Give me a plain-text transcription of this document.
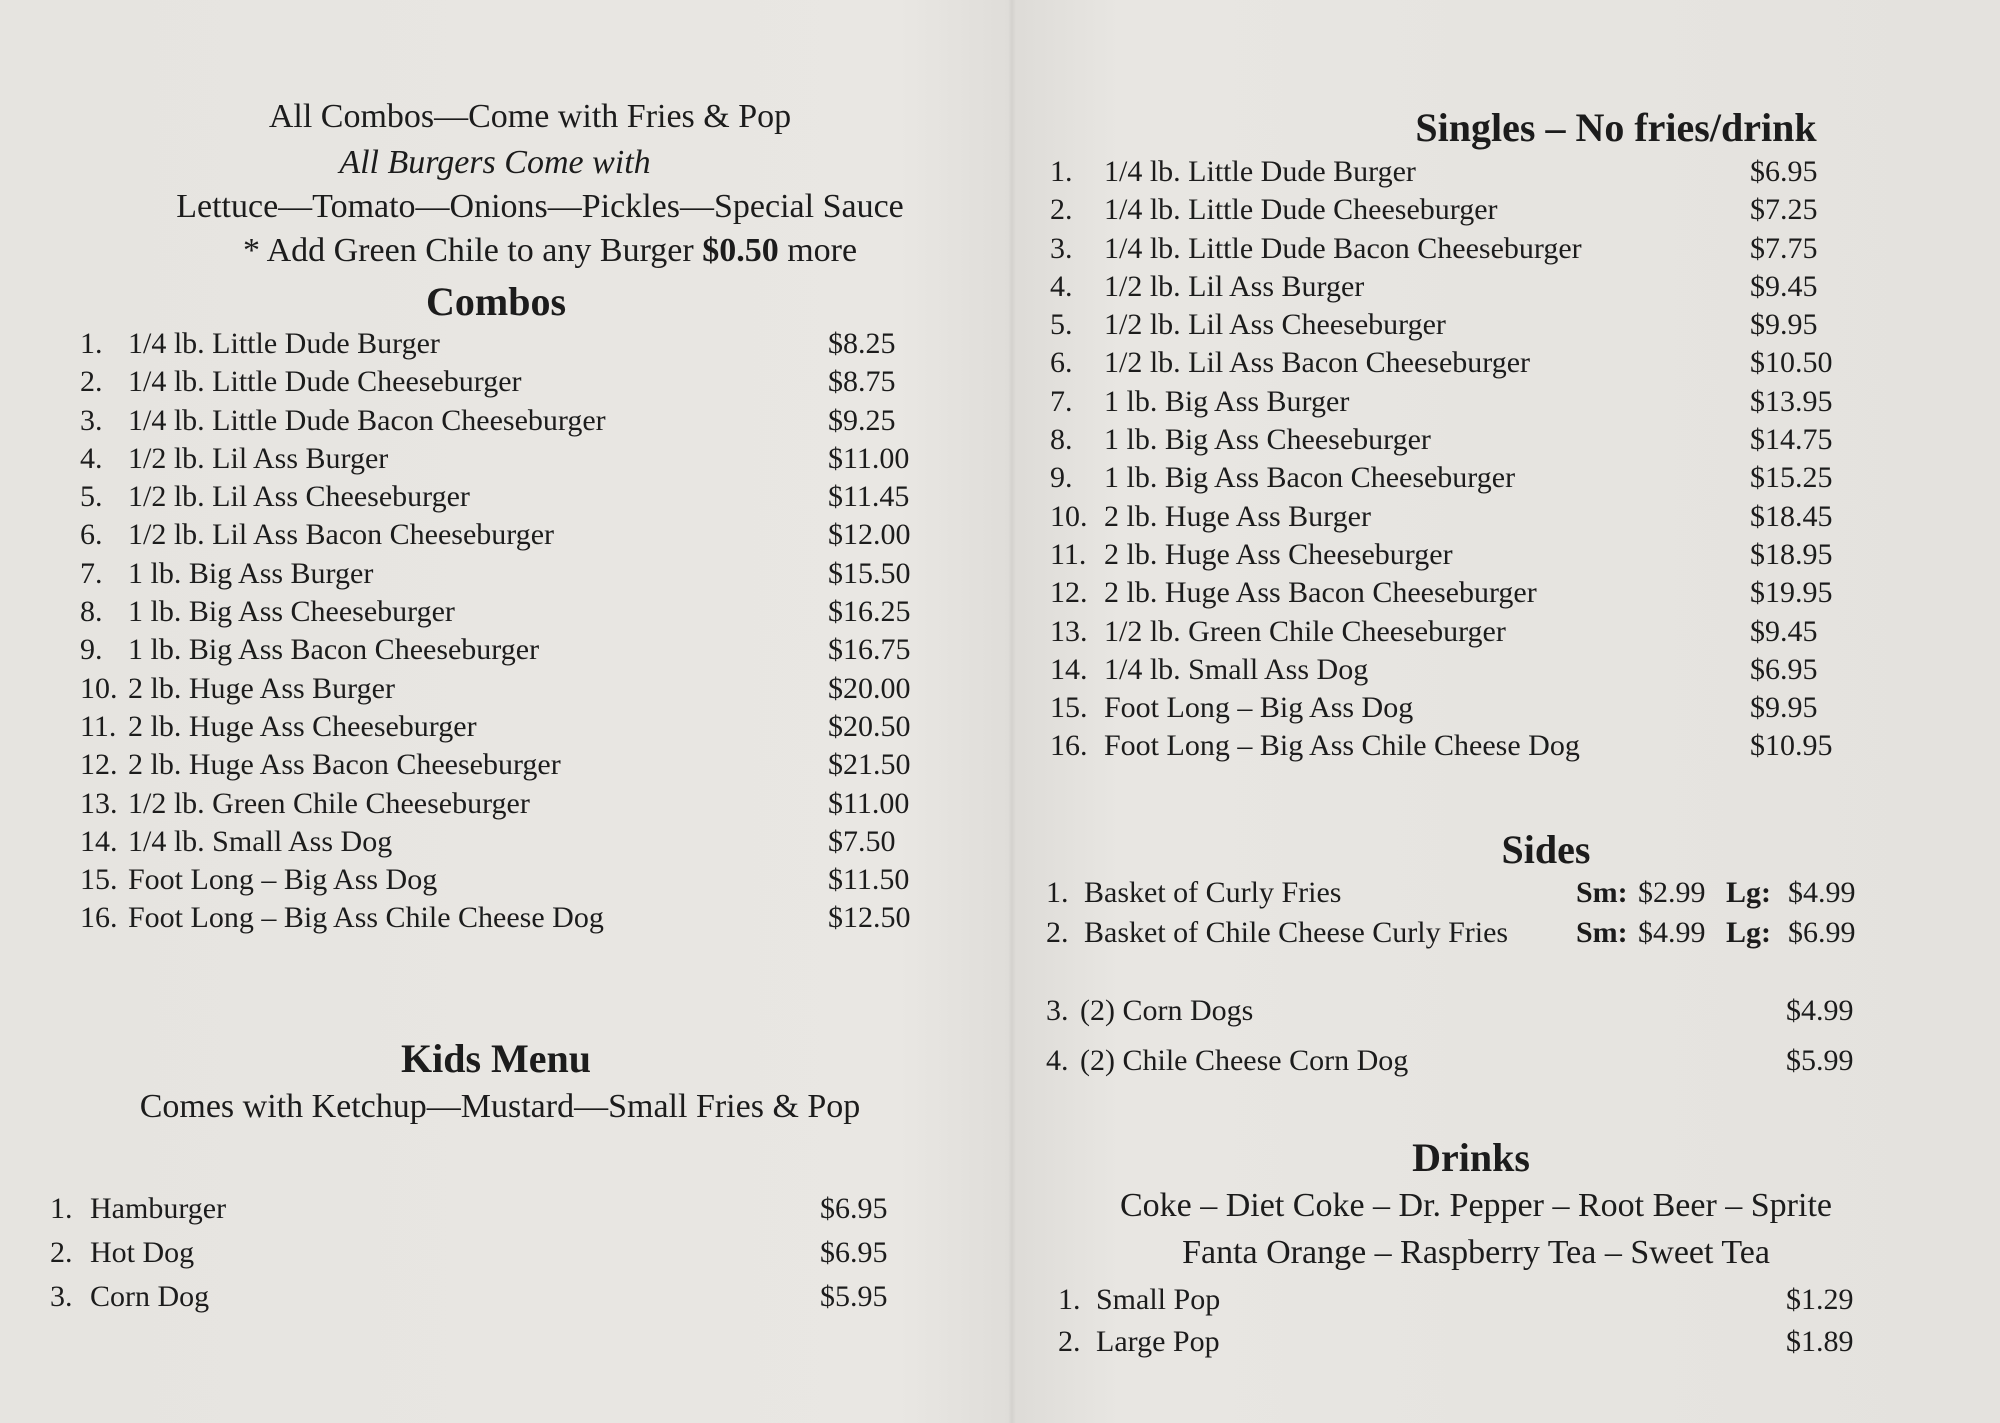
All Combos—Come with Fries & Pop
All Burgers Come with
Lettuce—Tomato—Onions—Pickles—Special Sauce
* Add Green Chile to any Burger $0.50 more
Combos
1. 1/4 lb. Little Dude Burger	$8.25
2. 1/4 lb. Little Dude Cheeseburger	$8.75
3. 1/4 lb. Little Dude Bacon Cheeseburger	$9.25
4. 1/2 lb. Lil Ass Burger	$11.00
5. 1/2 lb. Lil Ass Cheeseburger	$11.45
6. 1/2 lb. Lil Ass Bacon Cheeseburger	$12.00
7. 1 lb. Big Ass Burger	$15.50
8. 1 lb. Big Ass Cheeseburger	$16.25
9. 1 lb. Big Ass Bacon Cheeseburger	$16.75
10. 2 lb. Huge Ass Burger	$20.00
11. 2 lb. Huge Ass Cheeseburger	$20.50
12. 2 lb. Huge Ass Bacon Cheeseburger	$21.50
13. 1/2 lb. Green Chile Cheeseburger	$11.00
14. 1/4 lb. Small Ass Dog	$7.50
15. Foot Long – Big Ass Dog	$11.50
16. Foot Long – Big Ass Chile Cheese Dog	$12.50
Kids Menu
Comes with Ketchup—Mustard—Small Fries & Pop
1. Hamburger	$6.95
2. Hot Dog	$6.95
3. Corn Dog	$5.95
Singles – No fries/drink
1. 1/4 lb. Little Dude Burger	$6.95
2. 1/4 lb. Little Dude Cheeseburger	$7.25
3. 1/4 lb. Little Dude Bacon Cheeseburger	$7.75
4. 1/2 lb. Lil Ass Burger	$9.45
5. 1/2 lb. Lil Ass Cheeseburger	$9.95
6. 1/2 lb. Lil Ass Bacon Cheeseburger	$10.50
7. 1 lb. Big Ass Burger	$13.95
8. 1 lb. Big Ass Cheeseburger	$14.75
9. 1 lb. Big Ass Bacon Cheeseburger	$15.25
10. 2 lb. Huge Ass Burger	$18.45
11. 2 lb. Huge Ass Cheeseburger	$18.95
12. 2 lb. Huge Ass Bacon Cheeseburger	$19.95
13. 1/2 lb. Green Chile Cheeseburger	$9.45
14. 1/4 lb. Small Ass Dog	$6.95
15. Foot Long – Big Ass Dog	$9.95
16. Foot Long – Big Ass Chile Cheese Dog	$10.95
Sides
1. Basket of Curly Fries	Sm: $2.99 Lg: $4.99
2. Basket of Chile Cheese Curly Fries Sm: $4.99 Lg: $6.99
3. (2) Corn Dogs	$4.99
4. (2) Chile Cheese Corn Dog	$5.99
Drinks
Coke – Diet Coke – Dr. Pepper – Root Beer – Sprite
Fanta Orange – Raspberry Tea – Sweet Tea
1. Small Pop	$1.29
2. Large Pop	$1.89
